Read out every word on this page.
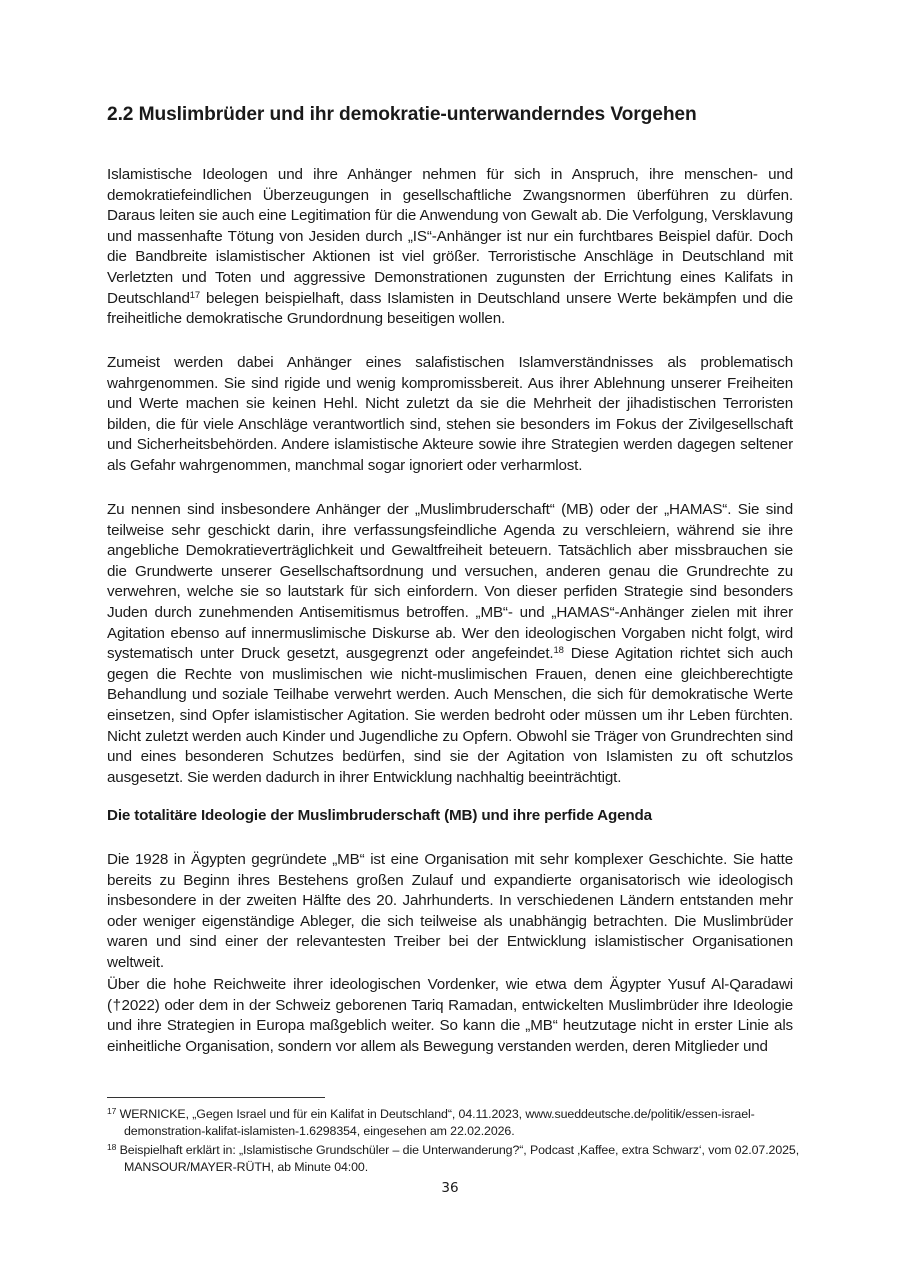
2.2 Muslimbrüder und ihr demokratie-unterwanderndes Vorgehen

Islamistische Ideologen und ihre Anhänger nehmen für sich in Anspruch, ihre menschen- und demokratiefeindlichen Überzeugungen in gesellschaftliche Zwangsnormen überführen zu dürfen. Daraus leiten sie auch eine Legitimation für die Anwendung von Gewalt ab. Die Verfolgung, Versklavung und massenhafte Tötung von Jesiden durch „IS“-Anhänger ist nur ein furchtbares Beispiel dafür. Doch die Bandbreite islamistischer Aktionen ist viel größer. Terroristische Anschläge in Deutschland mit Verletzten und Toten und aggressive Demonstrationen zugunsten der Errichtung eines Kalifats in Deutschland$^{17}$ belegen beispielhaft, dass Islamisten in Deutschland unsere Werte bekämpfen und die freiheitliche demokratische Grundordnung beseitigen wollen.

Zumeist werden dabei Anhänger eines salafistischen Islamverständnisses als problematisch wahrgenommen. Sie sind rigide und wenig kompromissbereit. Aus ihrer Ablehnung unserer Freiheiten und Werte machen sie keinen Hehl. Nicht zuletzt da sie die Mehrheit der jihadistischen Terroristen bilden, die für viele Anschläge verantwortlich sind, stehen sie besonders im Fokus der Zivilgesellschaft und Sicherheitsbehörden. Andere islamistische Akteure sowie ihre Strategien werden dagegen seltener als Gefahr wahrgenommen, manchmal sogar ignoriert oder verharmlost.

Zu nennen sind insbesondere Anhänger der „Muslimbruderschaft“ (MB) oder der „HAMAS“. Sie sind teilweise sehr geschickt darin, ihre verfassungsfeindliche Agenda zu verschleiern, während sie ihre angebliche Demokratieverträglichkeit und Gewaltfreiheit beteuern. Tatsächlich aber missbrauchen sie die Grundwerte unserer Gesellschaftsordnung und versuchen, anderen genau die Grundrechte zu verwehren, welche sie so lautstark für sich einfordern. Von dieser perfiden Strategie sind besonders Juden durch zunehmenden Antisemitismus betroffen. „MB“- und „HAMAS“-Anhänger zielen mit ihrer Agitation ebenso auf innermuslimische Diskurse ab. Wer den ideologischen Vorgaben nicht folgt, wird systematisch unter Druck gesetzt, ausgegrenzt oder angefeindet.$^{18}$ Diese Agitation richtet sich auch gegen die Rechte von muslimischen wie nicht-muslimischen Frauen, denen eine gleichberechtigte Behandlung und soziale Teilhabe verwehrt werden. Auch Menschen, die sich für demokratische Werte einsetzen, sind Opfer islamistischer Agitation. Sie werden bedroht oder müssen um ihr Leben fürchten. Nicht zuletzt werden auch Kinder und Jugendliche zu Opfern. Obwohl sie Träger von Grundrechten sind und eines besonderen Schutzes bedürfen, sind sie der Agitation von Islamisten zu oft schutzlos ausgesetzt. Sie werden dadurch in ihrer Entwicklung nachhaltig beeinträchtigt.

Die totalitäre Ideologie der Muslimbruderschaft (MB) und ihre perfide Agenda

Die 1928 in Ägypten gegründete „MB“ ist eine Organisation mit sehr komplexer Geschichte. Sie hatte bereits zu Beginn ihres Bestehens großen Zulauf und expandierte organisatorisch wie ideologisch insbesondere in der zweiten Hälfte des 20. Jahrhunderts. In verschiedenen Ländern entstanden mehr oder weniger eigenständige Ableger, die sich teilweise als unabhängig betrachten. Die Muslimbrüder waren und sind einer der relevantesten Treiber bei der Entwicklung islamistischer Organisationen weltweit.

Über die hohe Reichweite ihrer ideologischen Vordenker, wie etwa dem Ägypter Yusuf Al-Qaradawi (†2022) oder dem in der Schweiz geborenen Tariq Ramadan, entwickelten Muslimbrüder ihre Ideologie und ihre Strategien in Europa maßgeblich weiter. So kann die „MB“ heutzutage nicht in erster Linie als einheitliche Organisation, sondern vor allem als Bewegung verstanden werden, deren Mitglieder und

$^{17}$ WERNICKE, „Gegen Israel und für ein Kalifat in Deutschland“, 04.11.2023, www.sueddeutsche.de/politik/essen-israel-demonstration-kalifat-islamisten-1.6298354, eingesehen am 22.02.2026.

$^{18}$ Beispielhaft erklärt in: „Islamistische Grundschüler – die Unterwanderung?“, Podcast ‚Kaffee, extra Schwarz‘, vom 02.07.2025, MANSOUR/MAYER-RÜTH, ab Minute 04:00.

36
